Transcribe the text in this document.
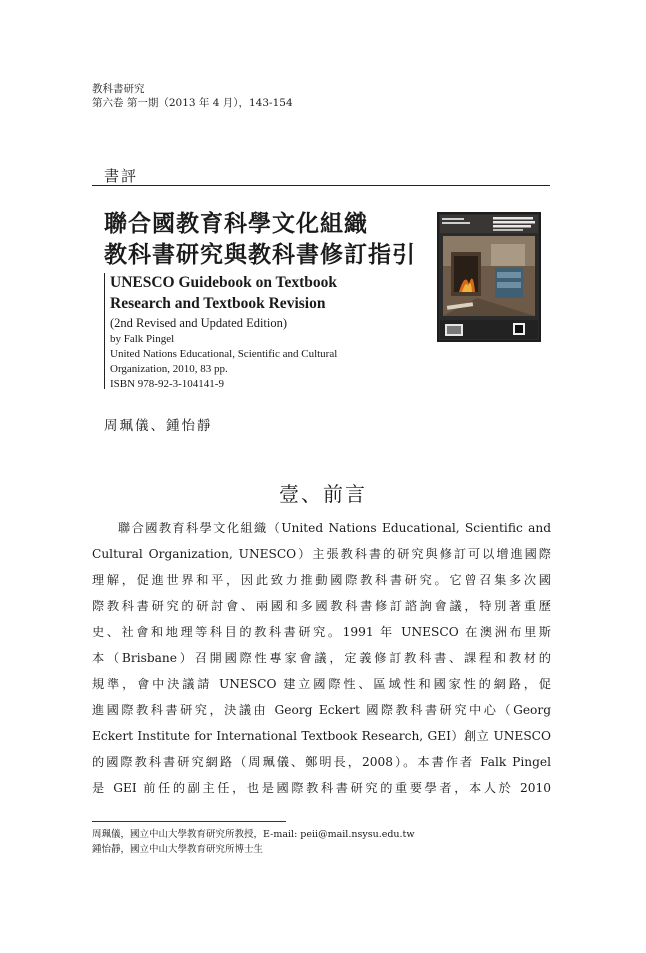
教科書研究
第六卷 第一期（2013 年 4 月），143-154
書評
聯合國教育科學文化組織
教科書研究與教科書修訂指引
UNESCO Guidebook on Textbook
Research and Textbook Revision
(2nd Revised and Updated Edition)
by Falk Pingel
United Nations Educational, Scientific and Cultural
Organization, 2010, 83 pp.
ISBN 978-92-3-104141-9
周珮儀、鍾怡靜
壹、前言
聯合國教育科學文化組織（United Nations Educational, Scientific and
Cultural Organization, UNESCO）主張教科書的研究與修訂可以增進國際
理解，促進世界和平，因此致力推動國際教科書研究。它曾召集多次國
際教科書研究的研討會、兩國和多國教科書修訂諮詢會議，特別著重歷
史、社會和地理等科目的教科書研究。1991 年 UNESCO 在澳洲布里斯
本（Brisbane）召開國際性專家會議，定義修訂教科書、課程和教材的
規準，會中決議請 UNESCO 建立國際性、區域性和國家性的網路，促
進國際教科書研究，決議由 Georg Eckert 國際教科書研究中心（Georg
Eckert Institute for International Textbook Research, GEI）創立 UNESCO
的國際教科書研究網路（周珮儀、鄭明長，2008）。本書作者 Falk Pingel
是 GEI 前任的副主任，也是國際教科書研究的重要學者，本人於 2010
周珮儀，國立中山大學教育研究所教授，E-mail: peii@mail.nsysu.edu.tw
鍾怡靜，國立中山大學教育研究所博士生
